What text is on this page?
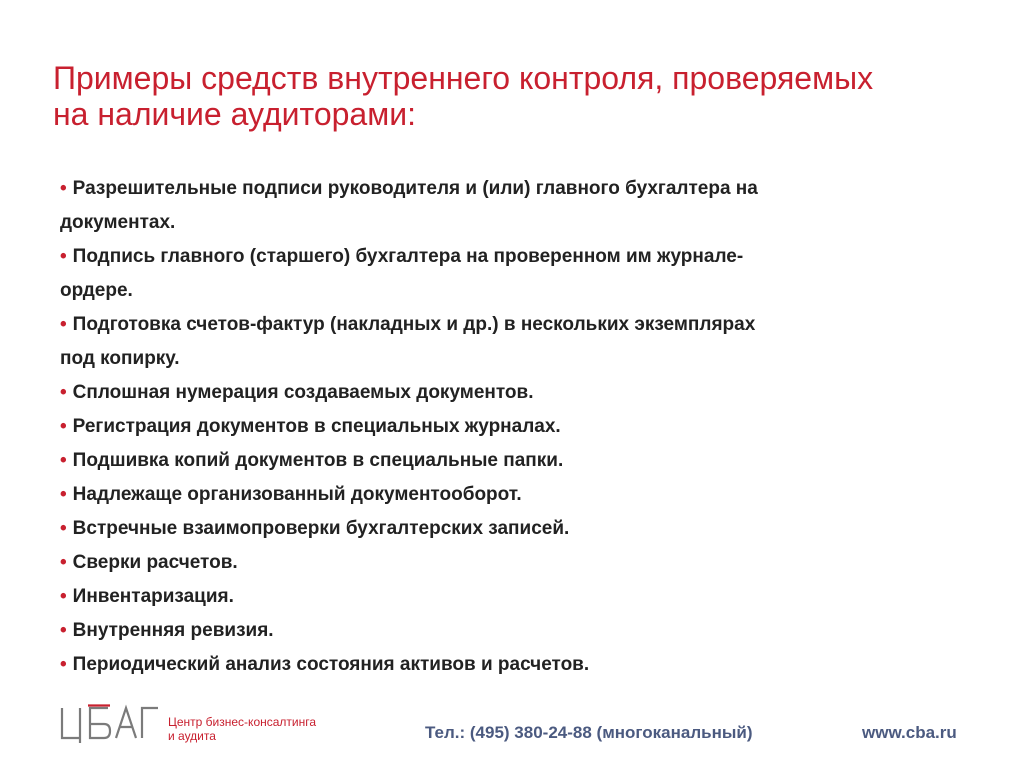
Примеры средств внутреннего контроля, проверяемых
на наличие аудиторами:
• Разрешительные подписи руководителя и (или) главного бухгалтера на
документах.
• Подпись главного (старшего) бухгалтера на проверенном им журнале-
ордере.
• Подготовка счетов-фактур (накладных и др.) в нескольких экземплярах
под копирку.
• Сплошная нумерация создаваемых документов.
• Регистрация документов в специальных журналах.
• Подшивка копий документов в специальные папки.
• Надлежаще организованный документооборот.
• Встречные взаимопроверки бухгалтерских записей.
• Сверки расчетов.
• Инвентаризация.
• Внутренняя ревизия.
• Периодический анализ состояния активов и расчетов.
Центр бизнес-консалтинга
и аудита	Тел.: (495) 380-24-88 (многоканальный)	www.cba.ru
